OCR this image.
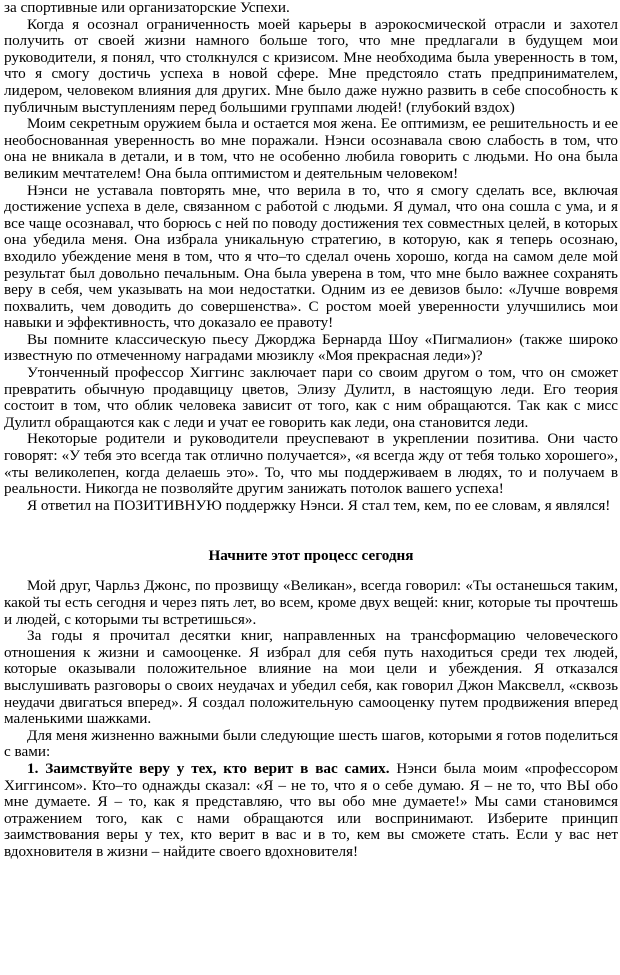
за спортивные или организаторские Успехи.

Когда я осознал ограниченность моей карьеры в аэрокосмической отрасли и захотел получить от своей жизни намного больше того, что мне предлагали в будущем мои руководители, я понял, что столкнулся с кризисом. Мне необходима была уверенность в том, что я смогу достичь успеха в новой сфере. Мне предстояло стать предпринимателем, лидером, человеком влияния для других. Мне было даже нужно развить в себе способность к публичным выступлениям перед большими группами людей! (глубокий вздох)

Моим секретным оружием была и остается моя жена. Ее оптимизм, ее решительность и ее необоснованная уверенность во мне поражали. Нэнси осознавала свою слабость в том, что она не вникала в детали, и в том, что не особенно любила говорить с людьми. Но она была великим мечтателем! Она была оптимистом и деятельным человеком!

Нэнси не уставала повторять мне, что верила в то, что я смогу сделать все, включая достижение успеха в деле, связанном с работой с людьми. Я думал, что она сошла с ума, и я все чаще осознавал, что борюсь с ней по поводу достижения тех совместных целей, в которых она убедила меня. Она избрала уникальную стратегию, в которую, как я теперь осознаю, входило убеждение меня в том, что я что–то сделал очень хорошо, когда на самом деле мой результат был довольно печальным. Она была уверена в том, что мне было важнее сохранять веру в себя, чем указывать на мои недостатки. Одним из ее девизов было: «Лучше вовремя похвалить, чем доводить до совершенства». С ростом моей уверенности улучшились мои навыки и эффективность, что доказало ее правоту!

Вы помните классическую пьесу Джорджа Бернарда Шоу «Пигмалион» (также широко известную по отмеченному наградами мюзиклу «Моя прекрасная леди»)?

Утонченный профессор Хиггинс заключает пари со своим другом о том, что он сможет превратить обычную продавщицу цветов, Элизу Дулитл, в настоящую леди. Его теория состоит в том, что облик человека зависит от того, как с ним обращаются. Так как с мисс Дулитл обращаются как с леди и учат ее говорить как леди, она становится леди.

Некоторые родители и руководители преуспевают в укреплении позитива. Они часто говорят: «У тебя это всегда так отлично получается», «я всегда жду от тебя только хорошего», «ты великолепен, когда делаешь это». То, что мы поддерживаем в людях, то и получаем в реальности. Никогда не позволяйте другим занижать потолок вашего успеха!

Я ответил на ПОЗИТИВНУЮ поддержку Нэнси. Я стал тем, кем, по ее словам, я являлся!

Начните этот процесс сегодня

Мой друг, Чарльз Джонс, по прозвищу «Великан», всегда говорил: «Ты останешься таким, какой ты есть сегодня и через пять лет, во всем, кроме двух вещей: книг, которые ты прочтешь и людей, с которыми ты встретишься».

За годы я прочитал десятки книг, направленных на трансформацию человеческого отношения к жизни и самооценке. Я избрал для себя путь находиться среди тех людей, которые оказывали положительное влияние на мои цели и убеждения. Я отказался выслушивать разговоры о своих неудачах и убедил себя, как говорил Джон Максвелл, «сквозь неудачи двигаться вперед». Я создал положительную самооценку путем продвижения вперед маленькими шажками.

Для меня жизненно важными были следующие шесть шагов, которыми я готов поделиться с вами:

1. Заимствуйте веру у тех, кто верит в вас самих. Нэнси была моим «профессором Хиггинсом». Кто–то однажды сказал: «Я – не то, что я о себе думаю. Я – не то, что ВЫ обо мне думаете. Я – то, как я представляю, что вы обо мне думаете!» Мы сами становимся отражением того, как с нами обращаются или воспринимают. Изберите принцип заимствования веры у тех, кто верит в вас и в то, кем вы сможете стать. Если у вас нет вдохновителя в жизни – найдите своего вдохновителя!
